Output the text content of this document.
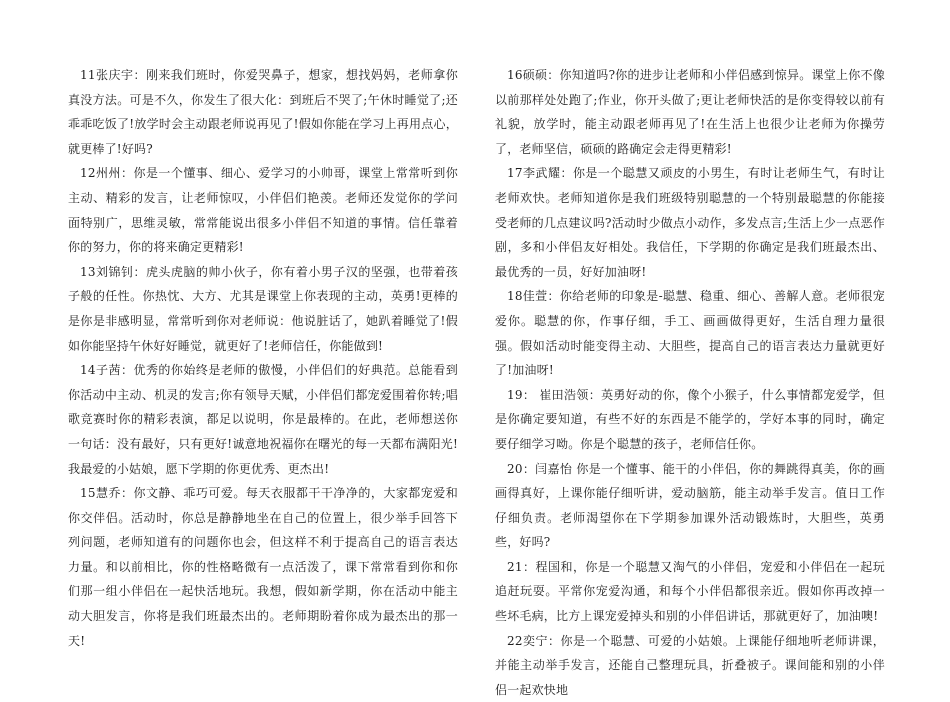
11张庆宇：刚来我们班时，你爱哭鼻子，想家，想找妈妈，老师拿你真没方法。可是不久，你发生了很大化：到班后不哭了;午休时睡觉了;还乖乖吃饭了!放学时会主动跟老师说再见了!假如你能在学习上再用点心，就更棒了!好吗?

12州州：你是一个懂事、细心、爱学习的小帅哥，课堂上常常听到你主动、精彩的发言，让老师惊叹，小伴侣们艳羡。老师还发觉你的学问面特别广，思维灵敏，常常能说出很多小伴侣不知道的事情。信任靠着你的努力，你的将来确定更精彩!

13刘锦钊：虎头虎脑的帅小伙子，你有着小男子汉的坚强，也带着孩子般的任性。你热忱、大方、尤其是课堂上你表现的主动，英勇!更棒的是你是非感明显，常常听到你对老师说：他说脏话了，她趴着睡觉了!假如你能坚持午休好好睡觉，就更好了!老师信任，你能做到!

14子茜：优秀的你始终是老师的傲慢，小伴侣们的好典范。总能看到你活动中主动、机灵的发言;你有领导天赋，小伴侣们都宠爱围着你转;唱歌竞赛时你的精彩表演，都足以说明，你是最棒的。在此，老师想送你一句话：没有最好，只有更好!诚意地祝福你在曙光的每一天都布满阳光!我最爱的小姑娘，愿下学期的你更优秀、更杰出!

15慧乔：你文静、乖巧可爱。每天衣服都干干净净的，大家都宠爱和你交伴侣。活动时，你总是静静地坐在自己的位置上，很少举手回答下列问题，老师知道有的问题你也会，但这样不利于提高自己的语言表达力量。和以前相比，你的性格略微有一点活泼了，课下常常看到你和你们那一组小伴侣在一起快活地玩。我想，假如新学期，你在活动中能主动大胆发言，你将是我们班最杰出的。老师期盼着你成为最杰出的那一天!

16硕硕：你知道吗?你的进步让老师和小伴侣感到惊异。课堂上你不像以前那样处处跑了;作业，你开头做了;更让老师快活的是你变得较以前有礼貌，放学时，能主动跟老师再见了!在生活上也很少让老师为你操劳了，老师坚信，硕硕的路确定会走得更精彩!

17李武耀：你是一个聪慧又顽皮的小男生，有时让老师生气，有时让老师欢快。老师知道你是我们班级特别聪慧的一个特别最聪慧的你能接受老师的几点建议吗?活动时少做点小动作，多发点言;生活上少一点恶作剧，多和小伴侣友好相处。我信任，下学期的你确定是我们班最杰出、最优秀的一员，好好加油呀!

18佳萱：你给老师的印象是-聪慧、稳重、细心、善解人意。老师很宠爱你。聪慧的你，作事仔细，手工、画画做得更好，生活自理力量很强。假如活动时能变得主动、大胆些，提高自己的语言表达力量就更好了!加油呀!

19： 崔田浩领：英勇好动的你，像个小猴子，什么事情都宠爱学，但是你确定要知道，有些不好的东西是不能学的，学好本事的同时，确定要仔细学习呦。你是个聪慧的孩子，老师信任你。

20：闫嘉怡 你是一个懂事、能干的小伴侣，你的舞跳得真美，你的画画得真好，上课你能仔细听讲，爱动脑筋，能主动举手发言。值日工作仔细负责。老师渴望你在下学期参加课外活动锻炼时，大胆些，英勇些，好吗?

21：程国和，你是一个聪慧又淘气的小伴侣，宠爱和小伴侣在一起玩追赶玩耍。平常你宠爱沟通，和每个小伴侣都很亲近。假如你再改掉一些坏毛病，比方上课宠爱掉头和别的小伴侣讲话，那就更好了，加油噢!

22奕宁：你是一个聪慧、可爱的小姑娘。上课能仔细地听老师讲课，并能主动举手发言，还能自己整理玩具，折叠被子。课间能和别的小伴侣一起欢快地
